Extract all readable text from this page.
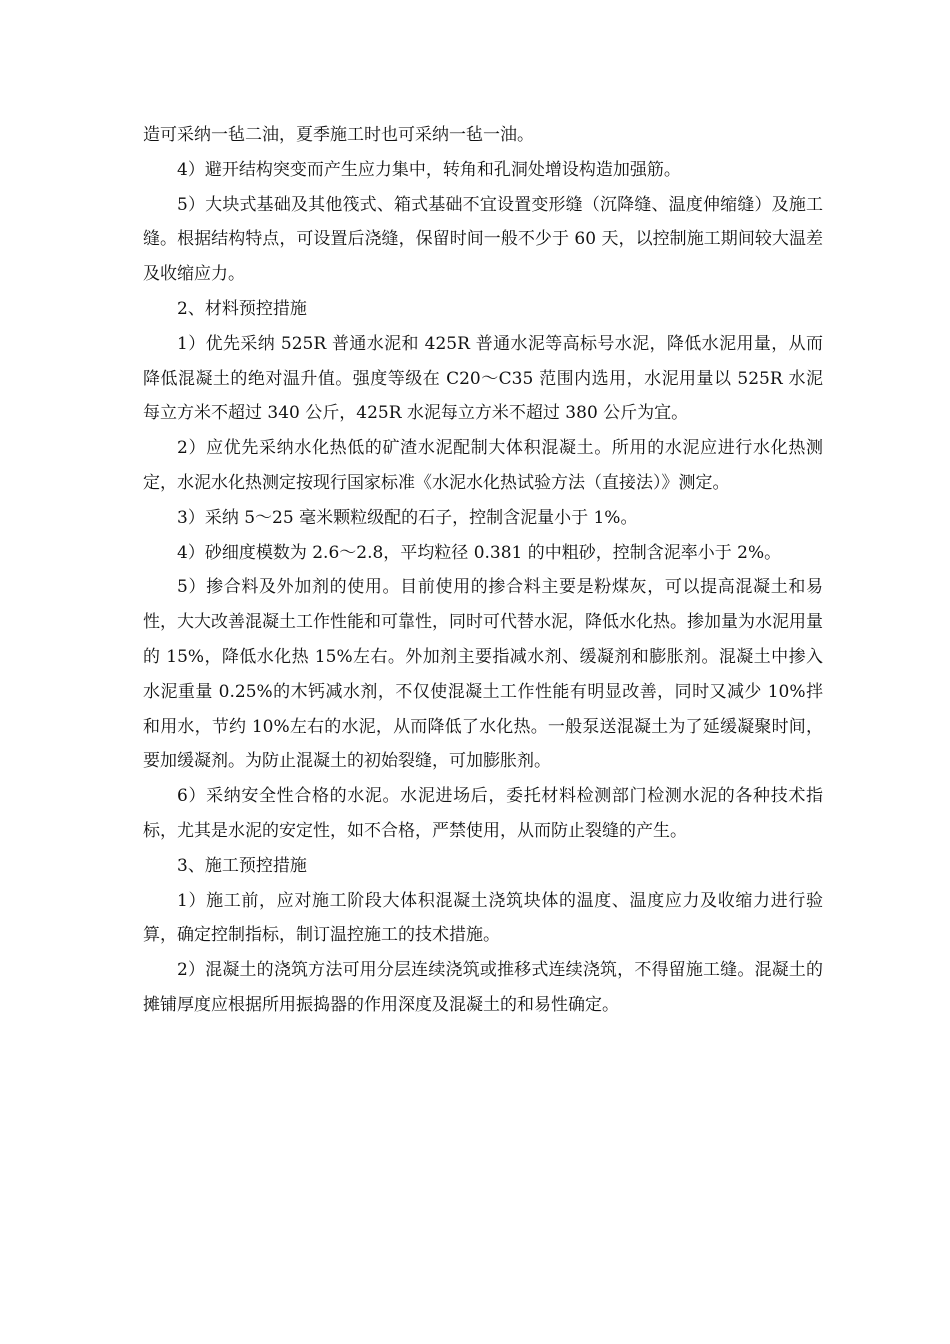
造可采纳一毡二油，夏季施工时也可采纳一毡一油。

4）避开结构突变而产生应力集中，转角和孔洞处增设构造加强筋。

5）大块式基础及其他筏式、箱式基础不宜设置变形缝（沉降缝、温度伸缩缝）及施工缝。根据结构特点，可设置后浇缝，保留时间一般不少于 60 天，以控制施工期间较大温差及收缩应力。

2、材料预控措施

1）优先采纳 525R 普通水泥和 425R 普通水泥等高标号水泥，降低水泥用量，从而降低混凝土的绝对温升值。强度等级在 C20～C35 范围内选用，水泥用量以 525R 水泥每立方米不超过 340 公斤，425R 水泥每立方米不超过 380 公斤为宜。

2）应优先采纳水化热低的矿渣水泥配制大体积混凝土。所用的水泥应进行水化热测定，水泥水化热测定按现行国家标准《水泥水化热试验方法（直接法）》测定。

3）采纳 5～25 毫米颗粒级配的石子，控制含泥量小于 1%。

4）砂细度模数为 2.6～2.8，平均粒径 0.381 的中粗砂，控制含泥率小于 2%。

5）掺合料及外加剂的使用。目前使用的掺合料主要是粉煤灰，可以提高混凝土和易性，大大改善混凝土工作性能和可靠性，同时可代替水泥，降低水化热。掺加量为水泥用量的 15%，降低水化热 15%左右。外加剂主要指减水剂、缓凝剂和膨胀剂。混凝土中掺入水泥重量 0.25%的木钙减水剂，不仅使混凝土工作性能有明显改善，同时又减少 10%拌和用水，节约 10%左右的水泥，从而降低了水化热。一般泵送混凝土为了延缓凝聚时间，要加缓凝剂。为防止混凝土的初始裂缝，可加膨胀剂。

6）采纳安全性合格的水泥。水泥进场后，委托材料检测部门检测水泥的各种技术指标，尤其是水泥的安定性，如不合格，严禁使用，从而防止裂缝的产生。

3、施工预控措施

1）施工前，应对施工阶段大体积混凝土浇筑块体的温度、温度应力及收缩力进行验算，确定控制指标，制订温控施工的技术措施。

2）混凝土的浇筑方法可用分层连续浇筑或推移式连续浇筑，不得留施工缝。混凝土的摊铺厚度应根据所用振捣器的作用深度及混凝土的和易性确定。
